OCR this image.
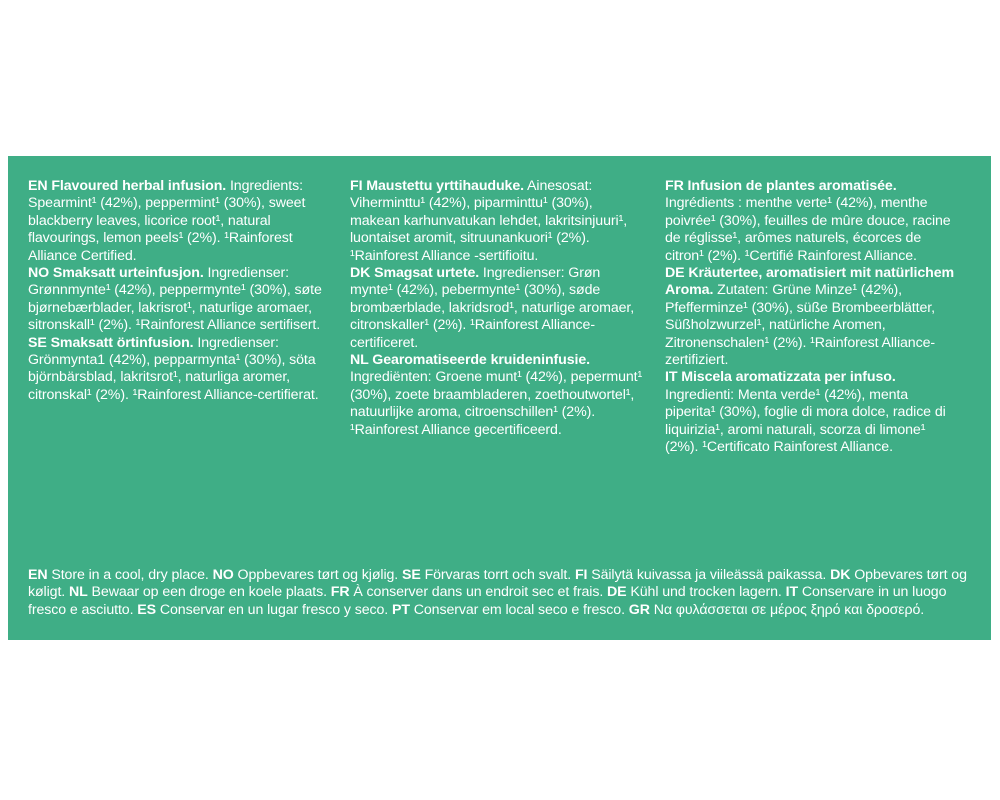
EN Flavoured herbal infusion. Ingredients: Spearmint¹ (42%), peppermint¹ (30%), sweet blackberry leaves, licorice root¹, natural flavourings, lemon peels¹ (2%). ¹Rainforest Alliance Certified.

NO Smaksatt urteinfusjon. Ingredienser: Grønnmynte¹ (42%), peppermynte¹ (30%), søte bjørnebærblader, lakrisrot¹, naturlige aromaer, sitronskall¹ (2%). ¹Rainforest Alliance sertifisert.

SE Smaksatt örtinfusion. Ingredienser: Grönmynta1 (42%), pepparmynta¹ (30%), söta björnbärsblad, lakritsrot¹, naturliga aromer, citronskal¹ (2%). ¹Rainforest Alliance-certifierat.

FI Maustettu yrttihauduke. Ainesosat: Viherminttu¹ (42%), piparminttu¹ (30%), makean karhunvatukan lehdet, lakritsinjuuri¹, luontaiset aromit, sitruunankuori¹ (2%). ¹Rainforest Alliance -sertifioitu.

DK Smagsat urtete. Ingredienser: Grøn mynte¹ (42%), pebermynte¹ (30%), søde brombærblade, lakridsrod¹, naturlige aromaer, citronskaller¹ (2%). ¹Rainforest Alliance-certificeret.

NL Gearomatiseerde kruideninfusie. Ingrediënten: Groene munt¹ (42%), pepermunt¹ (30%), zoete braambladeren, zoethoutwortel¹, natuurlijke aroma, citroenschillen¹ (2%). ¹Rainforest Alliance gecertificeerd.

FR Infusion de plantes aromatisée. Ingrédients : menthe verte¹ (42%), menthe poivrée¹ (30%), feuilles de mûre douce, racine de réglisse¹, arômes naturels, écorces de citron¹ (2%). ¹Certifié Rainforest Alliance.

DE Kräutertee, aromatisiert mit natürlichem Aroma. Zutaten: Grüne Minze¹ (42%), Pfefferminze¹ (30%), süße Brombeerblätter, Süßholzwurzel¹, natürliche Aromen, Zitronenschalen¹ (2%). ¹Rainforest Alliance-zertifiziert.

IT Miscela aromatizzata per infuso. Ingredienti: Menta verde¹ (42%), menta piperita¹ (30%), foglie di mora dolce, radice di liquirizia¹, aromi naturali, scorza di limone¹ (2%). ¹Certificato Rainforest Alliance.

EN Store in a cool, dry place. NO Oppbevares tørt og kjølig. SE Förvaras torrt och svalt. FI Säilytä kuivassa ja viileässä paikassa. DK Opbevares tørt og køligt. NL Bewaar op een droge en koele plaats. FR À conserver dans un endroit sec et frais. DE Kühl und trocken lagern. IT Conservare in un luogo fresco e asciutto. ES Conservar en un lugar fresco y seco. PT Conservar em local seco e fresco. GR Να φυλάσσεται σε μέρος ξηρό και δροσερό.
